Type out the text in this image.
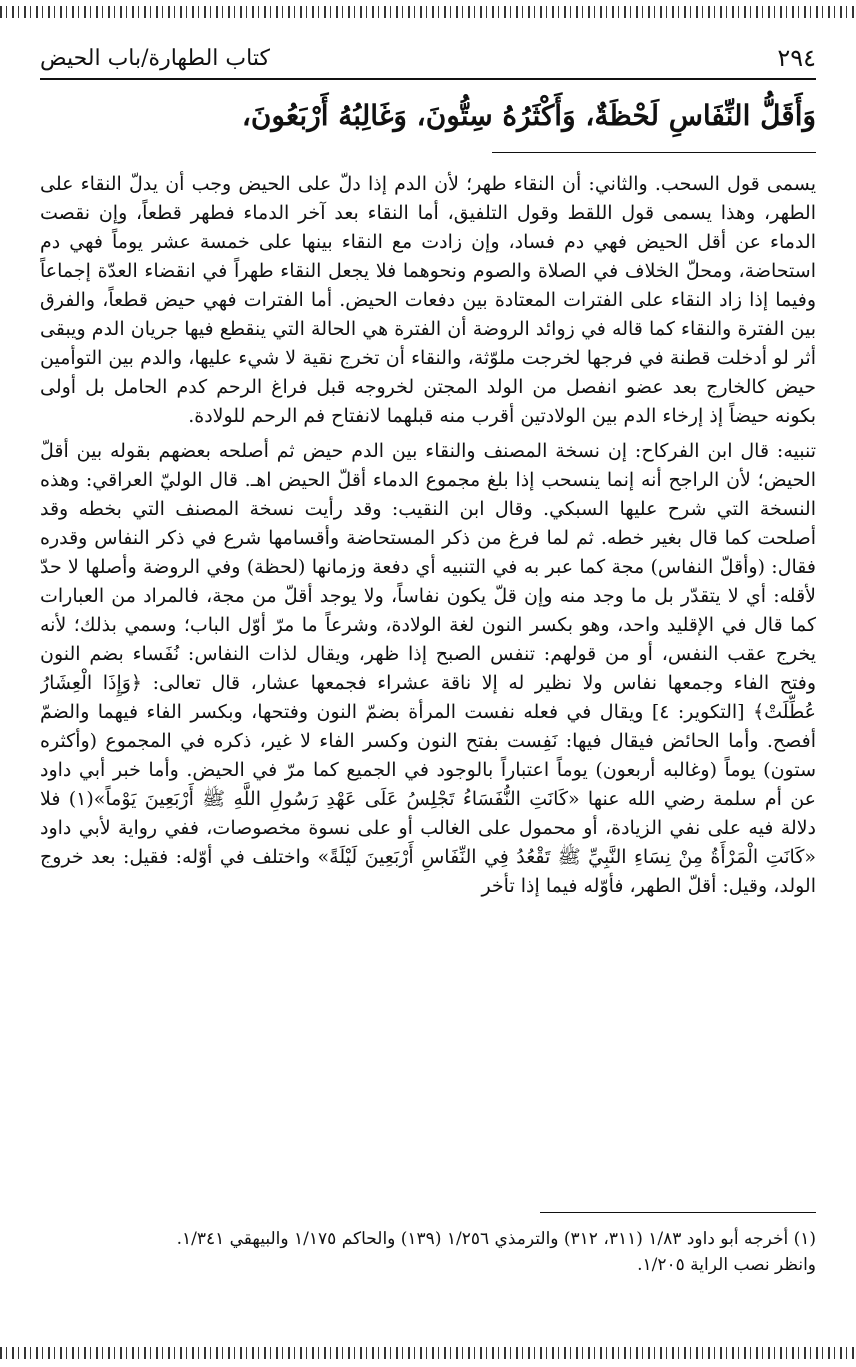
٢٩٤
كتاب الطهارة/باب الحيض
وَأَقَلُّ النِّفَاسِ لَحْظَةٌ، وَأَكْثَرُهُ سِتُّونَ، وَغَالِبُهُ أَرْبَعُونَ،

يسمى قول السحب. والثاني: أن النقاء طهر؛ لأن الدم إذا دلّ على الحيض وجب أن يدلّ النقاء على الطهر، وهذا يسمى قول اللقط وقول التلفيق، أما النقاء بعد آخر الدماء فطهر قطعاً، وإن نقصت الدماء عن أقل الحيض فهي دم فساد، وإن زادت مع النقاء بينها على خمسة عشر يوماً فهي دم استحاضة، ومحلّ الخلاف في الصلاة والصوم ونحوهما فلا يجعل النقاء طهراً في انقضاء العدّة إجماعاً وفيما إذا زاد النقاء على الفترات المعتادة بين دفعات الحيض. أما الفترات فهي حيض قطعاً، والفرق بين الفترة والنقاء كما قاله في زوائد الروضة أن الفترة هي الحالة التي ينقطع فيها جريان الدم ويبقى أثر لو أدخلت قطنة في فرجها لخرجت ملوّثة، والنقاء أن تخرج نقية لا شيء عليها، والدم بين التوأمين حيض كالخارج بعد عضو انفصل من الولد المجتن لخروجه قبل فراغ الرحم كدم الحامل بل أولى بكونه حيضاً إذ إرخاء الدم بين الولادتين أقرب منه قبلهما لانفتاح فم الرحم للولادة.

تنبيه: قال ابن الفركاح: إن نسخة المصنف والنقاء بين الدم حيض ثم أصلحه بعضهم بقوله بين أقلّ الحيض؛ لأن الراجح أنه إنما ينسحب إذا بلغ مجموع الدماء أقلّ الحيض اهـ. قال الوليّ العراقي: وهذه النسخة التي شرح عليها السبكي. وقال ابن النقيب: وقد رأيت نسخة المصنف التي بخطه وقد أصلحت كما قال بغير خطه. ثم لما فرغ من ذكر المستحاضة وأقسامها شرع في ذكر النفاس وقدره فقال: (وأقلّ النفاس) مجة كما عبر به في التنبيه أي دفعة وزمانها (لحظة) وفي الروضة وأصلها لا حدّ لأقله: أي لا يتقدّر بل ما وجد منه وإن قلّ يكون نفاساً، ولا يوجد أقلّ من مجة، فالمراد من العبارات كما قال في الإقليد واحد، وهو بكسر النون لغة الولادة، وشرعاً ما مرّ أوّل الباب؛ وسمي بذلك؛ لأنه يخرج عقب النفس، أو من قولهم: تنفس الصبح إذا ظهر، ويقال لذات النفاس: نُفَساء بضم النون وفتح الفاء وجمعها نفاس ولا نظير له إلا ناقة عشراء فجمعها عشار، قال تعالى: ﴿وَإِذَا الْعِشَارُ عُطِّلَتْ﴾ [التكوير: ٤] ويقال في فعله نفست المرأة بضمّ النون وفتحها، وبكسر الفاء فيهما والضمّ أفصح. وأما الحائض فيقال فيها: نَفِست بفتح النون وكسر الفاء لا غير، ذكره في المجموع (وأكثره ستون) يوماً (وغالبه أربعون) يوماً اعتباراً بالوجود في الجميع كما مرّ في الحيض. وأما خبر أبي داود عن أم سلمة رضي الله عنها «كَانَتِ النُّفَسَاءُ تَجْلِسُ عَلَى عَهْدِ رَسُولِ اللَّهِ ﷺ أَرْبَعِينَ يَوْماً»(١) فلا دلالة فيه على نفي الزيادة، أو محمول على الغالب أو على نسوة مخصوصات، ففي رواية لأبي داود «كَانَتِ الْمَرْأَةُ مِنْ نِسَاءِ النَّبِيِّ ﷺ تَقْعُدُ فِي النِّفَاسِ أَرْبَعِينَ لَيْلَةً» واختلف في أوّله: فقيل: بعد خروج الولد، وقيل: أقلّ الطهر، فأوّله فيما إذا تأخر

(١) أخرجه أبو داود ١/٨٣ (٣١١، ٣١٢) والترمذي ١/٢٥٦ (١٣٩) والحاكم ١/١٧٥ والبيهقي ١/٣٤١.

وانظر نصب الراية ١/٢٠٥.
